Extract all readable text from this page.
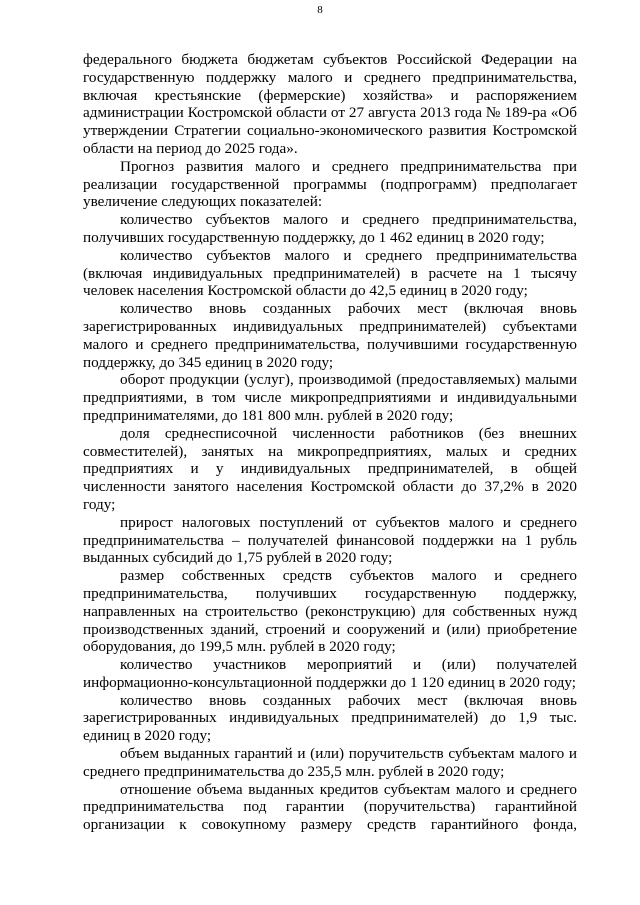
8

федерального бюджета бюджетам субъектов Российской Федерации на государственную поддержку малого и среднего предпринимательства, включая крестьянские (фермерские) хозяйства» и распоряжением администрации Костромской области от 27 августа 2013 года № 189-ра «Об утверждении Стратегии социально-экономического развития Костромской области на период до 2025 года».

Прогноз развития малого и среднего предпринимательства при реализации государственной программы (подпрограмм) предполагает увеличение следующих показателей:

количество субъектов малого и среднего предпринимательства, получивших государственную поддержку, до 1 462 единиц в 2020 году;

количество субъектов малого и среднего предпринимательства (включая индивидуальных предпринимателей) в расчете на 1 тысячу человек населения Костромской области до 42,5 единиц в 2020 году;

количество вновь созданных рабочих мест (включая вновь зарегистрированных индивидуальных предпринимателей) субъектами малого и среднего предпринимательства, получившими государственную поддержку, до 345 единиц в 2020 году;

оборот продукции (услуг), производимой (предоставляемых) малыми предприятиями, в том числе микропредприятиями и индивидуальными предпринимателями, до 181 800 млн. рублей в 2020 году;

доля среднесписочной численности работников (без внешних совместителей), занятых на микропредприятиях, малых и средних предприятиях и у индивидуальных предпринимателей, в общей численности занятого населения Костромской области до 37,2% в 2020 году;

прирост налоговых поступлений от субъектов малого и среднего предпринимательства – получателей финансовой поддержки на 1 рубль выданных субсидий до 1,75 рублей в 2020 году;

размер собственных средств субъектов малого и среднего предпринимательства, получивших государственную поддержку, направленных на строительство (реконструкцию) для собственных нужд производственных зданий, строений и сооружений и (или) приобретение оборудования, до 199,5 млн. рублей в 2020 году;

количество участников мероприятий и (или) получателей информационно-консультационной поддержки до 1 120 единиц в 2020 году;

количество вновь созданных рабочих мест (включая вновь зарегистрированных индивидуальных предпринимателей) до 1,9 тыс. единиц в 2020 году;

объем выданных гарантий и (или) поручительств субъектам малого и среднего предпринимательства до 235,5 млн. рублей в 2020 году;

отношение объема выданных кредитов субъектам малого и среднего предпринимательства под гарантии (поручительства) гарантийной организации к совокупному размеру средств гарантийного фонда,
